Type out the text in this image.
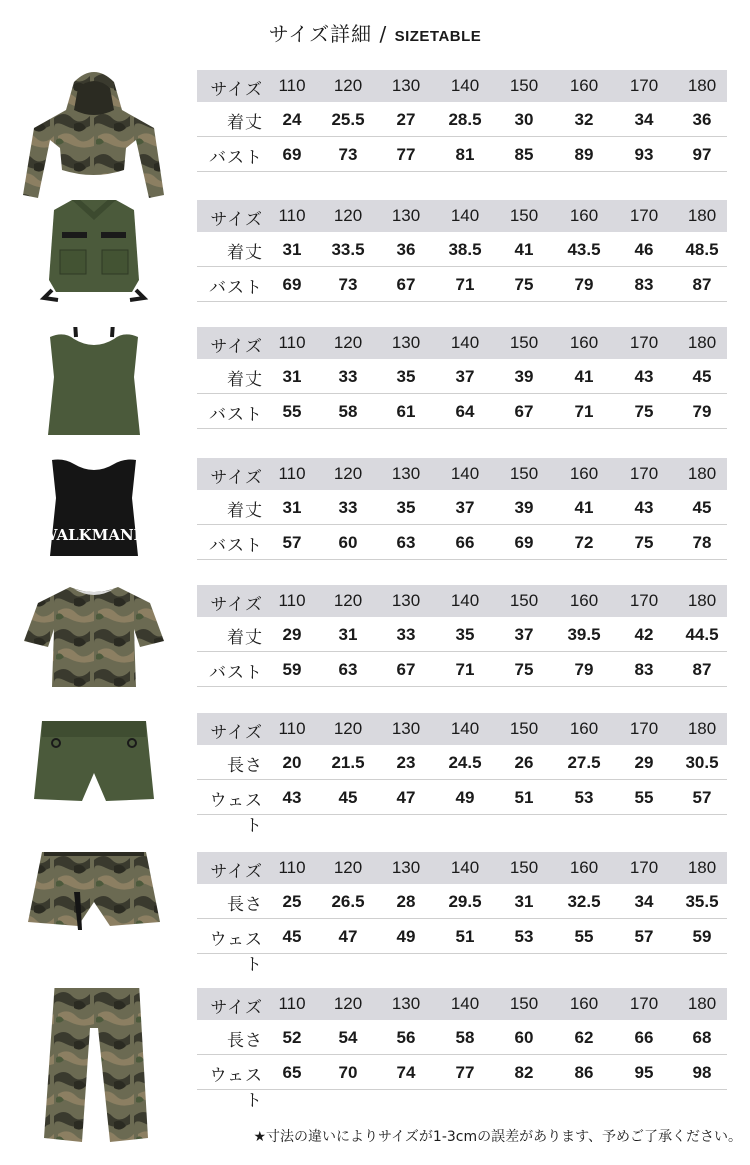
サイズ詳細 / SIZETABLE
サイズ 110	120	130	140	150	160	170	180
着丈	24	25.5	27	28.5	30	32	34	36
バスト	69	73	77	81	85	89	93	97
サイズ 110	120	130	140	150	160	170	180
着丈	31	33.5	36	38.5	41	43.5	46	48.5
バスト	69	73	67	71	75	79	83	87
サイズ 110	120	130	140	150	160	170	180
着丈	31	33	35	37	39	41	43	45
バスト	55	58	61	64	67	71	75	79
WALKMANN
サイズ 110	120	130	140	150	160	170	180
着丈	31	33	35	37	39	41	43	45
バスト	57	60	63	66	69	72	75	78
サイズ 110	120	130	140	150	160	170	180
着丈	29	31	33	35	37	39.5	42	44.5
バスト	59	63	67	71	75	79	83	87
サイズ 110	120	130	140	150	160	170	180
長さ	20	21.5	23	24.5	26	27.5	29	30.5
ウェスト
43	45	47	49	51	53	55	57
サイズ 110	120	130	140	150	160	170	180
長さ	25	26.5	28	29.5	31	32.5	34	35.5
ウェスト
45	47	49	51	53	55	57	59
サイズ 110	120	130	140	150	160	170	180
長さ	52	54	56	58	60	62	66	68
ウェスト
65	70	74	77	82	86	95	98
★寸法の違いによりサイズが1-3cmの誤差があります、予めご了承ください。
